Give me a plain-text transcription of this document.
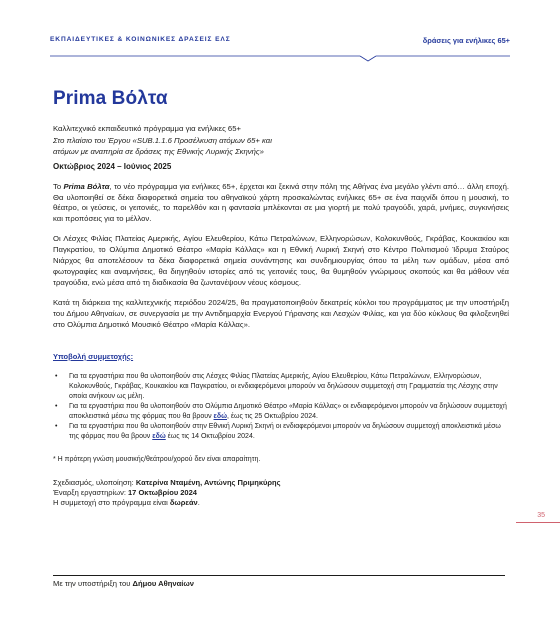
ΕΚΠΑΙΔΕΥΤΙΚΕΣ & ΚΟΙΝΩΝΙΚΕΣ ΔΡΑΣΕΙΣ ΕΛΣ	δράσεις για ενήλικες 65+
Prima Βόλτα
Καλλιτεχνικό εκπαιδευτικό πρόγραμμα για ενήλικες 65+
Στο πλαίσιο του Έργου «SUB.1.1.6 Προσέλκυση ατόμων 65+ και
ατόμων με αναπηρία σε δράσεις της Εθνικής Λυρικής Σκηνής»
Οκτώβριος 2024 – Ιούνιος 2025

Το Prima Βόλτα, το νέο πρόγραμμα για ενήλικες 65+, έρχεται και ξεκινά στην πόλη της Αθήνας ένα μεγάλο γλέντι από… άλλη εποχή. Θα υλοποιηθεί σε δέκα διαφορετικά σημεία του αθηναϊκού χάρτη προσκαλώντας ενήλικες 65+ σε ένα παιχνίδι όπου η μουσική, το θέατρο, οι γεύσεις, οι γειτονιές, το παρελθόν και η φαντασία μπλέκονται σε μια γιορτή με πολύ τραγούδι, χαρά, μνήμες, συγκινήσεις και προπόσεις για το μέλλον.

Οι Λέσχες Φιλίας Πλατείας Αμερικής, Αγίου Ελευθερίου, Κάτω Πετραλώνων, Ελληνορώσων, Κολοκυνθούς, Γκράβας, Κουκακίου και Παγκρατίου, το Ολύμπια Δημοτικό Θέατρο «Μαρία Κάλλας» και η Εθνική Λυρική Σκηνή στο Κέντρο Πολιτισμού Ίδρυμα Σταύρος Νιάρχος θα αποτελέσουν τα δέκα διαφορετικά σημεία συνάντησης και συνδημιουργίας όπου τα μέλη των ομάδων, μέσα από φωτογραφίες και αναμνήσεις, θα διηγηθούν ιστορίες από τις γειτονιές τους, θα θυμηθούν γνώριμους σκοπούς και θα μάθουν νέα τραγούδια, ενώ μέσα από τη διαδικασία θα ζωντανέψουν νέους κόσμους.

Κατά τη διάρκεια της καλλιτεχνικής περιόδου 2024/25, θα πραγματοποιηθούν δεκατρείς κύκλοι του προγράμματος με την υποστήριξη του Δήμου Αθηναίων, σε συνεργασία με την Αντιδημαρχία Ενεργού Γήρανσης και Λεσχών Φιλίας, και για δύο κύκλους θα φιλοξενηθεί στο Ολύμπια Δημοτικό Μουσικό Θέατρο «Μαρία Κάλλας».

Υποβολή συμμετοχής:
• Για τα εργαστήρια που θα υλοποιηθούν στις Λέσχες Φιλίας Πλατείας Αμερικής, Αγίου Ελευθερίου, Κάτω Πετραλώνων, Ελληνορώσων, Κολοκυνθούς, Γκράβας, Κουκακίου και Παγκρατίου, οι ενδιαφερόμενοι μπορούν να δηλώσουν συμμετοχή στη Γραμματεία της Λέσχης στην οποία ανήκουν ως μέλη.
• Για τα εργαστήρια που θα υλοποιηθούν στο Ολύμπια Δημοτικό Θέατρο «Μαρία Κάλλας» οι ενδιαφερόμενοι μπορούν να δηλώσουν συμμετοχή αποκλειστικά μέσω της φόρμας που θα βρουν εδώ, έως τις 25 Οκτωβρίου 2024.
• Για τα εργαστήρια που θα υλοποιηθούν στην Εθνική Λυρική Σκηνή οι ενδιαφερόμενοι μπορούν να δηλώσουν συμμετοχή αποκλειστικά μέσω της φόρμας που θα βρουν εδώ έως τις 14 Οκτωβρίου 2024.
* Η πρότερη γνώση μουσικής/θεάτρου/χορού δεν είναι απαραίτητη.
Σχεδιασμός, υλοποίηση: Κατερίνα Νταμένη, Αντώνης Πριμηκύρης
Έναρξη εργαστηρίων: 17 Οκτωβρίου 2024
Η συμμετοχή στο πρόγραμμα είναι δωρεάν.
35
Με την υποστήριξη του Δήμου Αθηναίων
